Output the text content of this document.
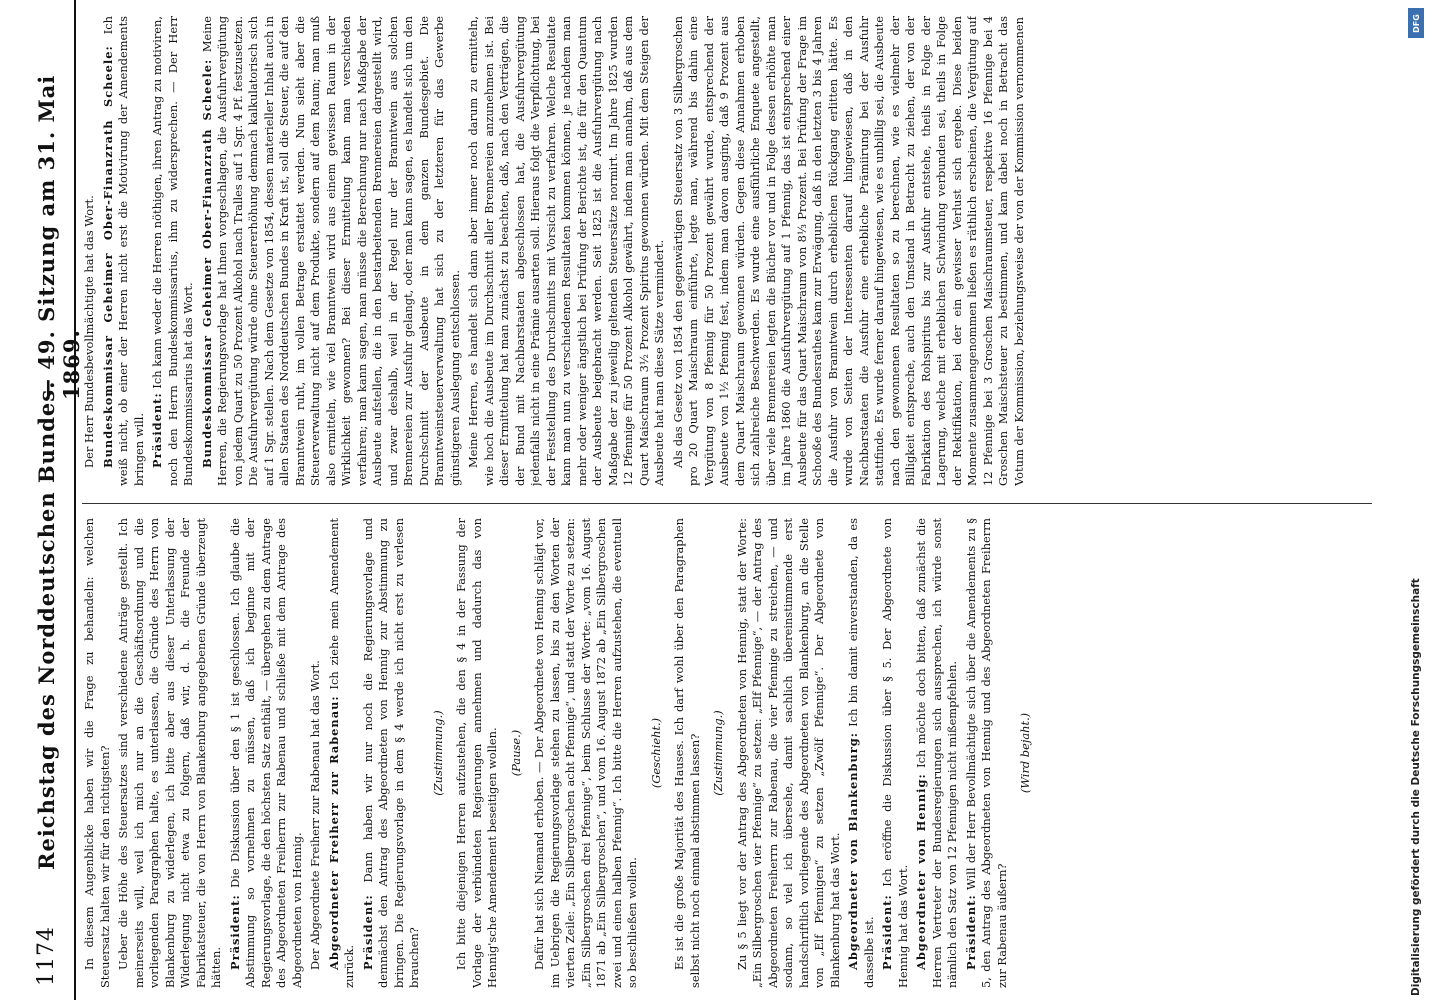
1174
Reichstag des Norddeutschen Bundes.
— 49. Sitzung am 31. Mai 1869.

In diesem Augenblicke haben wir die Frage zu behandeln: welchen Steuersatz halten wir für den richtigsten? Ueber die Höhe des Steuersatzes sind verschiedene Anträge gestellt. Ich meinerseits will, weil ich mich nur an die Geschäftsordnung und die vorliegenden Paragraphen halte, es unterlassen, die Gründe des Herrn von Blankenburg zu widerlegen, ich bitte aber aus dieser Unterlassung der Widerlegung nicht etwa zu folgern, daß wir, d. h. die Freunde der Fabrikatsteuer, die von Herrn von Blankenburg angegebenen Gründe überzeugt hätten. Präsident: Die Diskussion über den § 1 ist geschlossen. Ich glaube die Abstimmung so vornehmen zu müssen, daß ich beginne mit der Regierungsvorlage, die den höchsten Satz enthält, — übergehen zu dem Antrage des Abgeordneten Freiherrn zur Rabenau und schließe mit dem Antrage des Abgeordneten von Hennig. Der Abgeordnete Freiherr zur Rabenau hat das Wort. Abgeordneter Freiherr zur Rabenau: Ich ziehe mein Amendement zurück. Präsident: Dann haben wir nur noch die Regierungsvorlage und demnächst den Antrag des Abgeordneten von Hennig zur Abstimmung zu bringen. Die Regierungsvorlage in dem § 4 werde ich nicht erst zu verlesen brauchen?

(Zustimmung.) Ich bitte diejenigen Herren aufzustehen, die den § 4 in der Fassung der Vorlage der verbündeten Regierungen annehmen und dadurch das von Hennig'sche Amendement beseitigen wollen. (Pause.) Dafür hat sich Niemand erhoben. — Der Abgeordnete von Hennig schlägt vor, im Uebrigen die Regierungsvorlage stehen zu lassen, bis zu den Worten der vierten Zeile: „Ein Silbergroschen acht Pfennige“, und statt der Worte zu setzen: „Ein Silbergroschen drei Pfennige“, beim Schlusse der Worte: „vom 16. August 1871 ab „Ein Silbergroschen“, und vom 16. August 1872 ab „Ein Silbergroschen zwei und einen halben Pfennig“. Ich bitte die Herren aufzustehen, die eventuell so beschließen wollen.

(Geschieht.) Es ist die große Majorität des Hauses. Ich darf wohl über den Paragraphen selbst nicht noch einmal abstimmen lassen? (Zustimmung.) Zu § 5 liegt vor der Antrag des Abgeordneten von Hennig, statt der Worte: „Ein Silbergroschen vier Pfennige“ zu setzen: „Elf Pfennige“, — der Antrag des Abgeordneten Freiherrn zur Rabenau, die vier Pfennige zu streichen, — und sodann, so viel ich übersehe, damit sachlich übereinstimmende erst handschriftlich vorliegende des Abgeordneten von Blankenburg, an die Stelle von „Elf Pfennigen“ zu setzen „Zwölf Pfennige“. Der Abgeordnete von Blankenburg hat das Wort. Abgeordneter von Blankenburg: Ich bin damit einverstanden, da es dasselbe ist. Präsident: Ich eröffne die Diskussion über § 5. Der Abgeordnete von Hennig hat das Wort. Abgeordneter von Hennig: Ich möchte doch bitten, daß zunächst die Herren Vertreter der Bundesregierungen sich aussprechen, ich würde sonst nämlich den Satz von 12 Pfennigen nicht mißempfehlen. Präsident: Will der Herr Bevollmächtigte sich über die Amendements zu § 5, den Antrag des Abgeordneten von Hennig und des Abgeordneten Freiherrn zur Rabenau äußern?

(Wird bejaht.)

Der Herr Bundesbevollmächtigte hat das Wort. Bundeskommissar Geheimer Ober-Finanzrath Scheele: Ich weiß nicht, ob einer der Herren nicht erst die Motivirung der Amendements bringen will. Präsident: Ich kann weder die Herren nöthigen, ihren Antrag zu motiviren, noch den Herrn Bundeskommissarius, ihm zu widersprechen. — Der Herr Bundeskommissarius hat das Wort. Bundeskommissar Geheimer Ober-Finanzrath Scheele: Meine Herren, die Regierungsvorlage hat Ihnen vorgeschlagen, die Ausfuhrvergütung von jedem Quart zu 50 Prozent Alkohol nach Tralles auf 1 Sgr. 4 Pf. festzusetzen. Die Ausfuhrvergütung würde ohne Steuererhöhung demnach kalkulatorisch sich auf 1 Sgr. stellen. Nach dem Gesetze von 1854, dessen materieller Inhalt auch in allen Staaten des Norddeutschen Bundes in Kraft ist, soll die Steuer, die auf den Branntwein ruht, im vollen Betrage erstattet werden. Nun sieht aber die Steuerverwaltung nicht auf dem Produkte, sondern auf dem Raum; man muß also ermitteln, wie viel Branntwein wird aus einem gewissen Raum in der Wirklichkeit gewonnen? Bei dieser Ermittelung kann man verschieden verfahren; man kann sagen, man müsse die Berechnung nur nach Maßgabe der Ausbeute aufstellen, die in den bestarbeitenden Brennereien dargestellt wird, und zwar deshalb, weil in der Regel nur der Branntwein aus solchen Brennereien zur Ausfuhr gelangt, oder man kann sagen, es handelt sich um den Durchschnitt der Ausbeute in dem ganzen Bundesgebiet. Die Branntweinsteuerverwaltung hat sich zu der letzteren für das Gewerbe günstigeren Auslegung entschlossen. Meine Herren, es handelt sich dann aber immer noch darum zu ermitteln, wie hoch die Ausbeute im Durchschnitt aller Brennereien anzunehmen ist. Bei dieser Ermittelung hat man zunächst zu beachten, daß, nach den Verträgen, die der Bund mit Nachbarstaaten abgeschlossen hat, die Ausfuhrvergütung jedenfalls nicht in eine Prämie ausarten soll. Hieraus folgt die Verpflichtung, bei der Feststellung des Durchschnitts mit Vorsicht zu verfahren. Welche Resultate kann man nun zu verschiedenen Resultaten kommen können, je nachdem man mehr oder weniger ängstlich bei Prüfung der Berichte ist, die für den Quantum der Ausbeute beigebracht werden. Seit 1825 ist die Ausfuhrvergütung nach Maßgabe der zu jeweilig geltenden Steuersätze normirt. Im Jahre 1825 wurden 12 Pfennige für 50 Prozent Alkohol gewährt, indem man annahm, daß aus dem Quart Maischraum 3½ Prozent Spiritus gewonnen würden. Mit dem Steigen der Ausbeute hat man diese Sätze vermindert. Als das Gesetz von 1854 den gegenwärtigen Steuersatz von 3 Silbergroschen pro 20 Quart Maischraum einführte, legte man, während bis dahin eine Vergütung von 8 Pfennig für 50 Prozent gewährt wurde, entsprechend der Ausbeute von 1½ Pfennig fest, indem man davon ausging, daß 9 Prozent aus dem Quart Maischraum gewonnen würden. Gegen diese Annahmen erhoben sich zahlreiche Beschwerden. Es wurde eine ausführliche Enquete angestellt, über viele Brennereien legten die Bücher vor und in Folge dessen erhöhte man im Jahre 1860 die Ausfuhrvergütung auf 1 Pfennig, das ist entsprechend einer Ausbeute für das Quart Maischraum von 8⅓ Prozent. Bei Prüfung der Frage im Schooße des Bundesrathes kam zur Erwägung, daß in den letzten 3 bis 4 Jahren die Ausfuhr von Branntwein durch erheblichen Rückgang erlitten hätte. Es wurde von Seiten der Interessenten darauf hingewiesen, daß in den Nachbarstaaten die Ausfuhr eine erhebliche Prämiirung bei der Ausfuhr stattfinde. Es wurde ferner darauf hingewiesen, wie es unbillig sei, die Ausbeute nach den gewonnenen Resultaten so zu berechnen, wie es vielmehr der Billigkeit entspreche, auch den Umstand in Betracht zu ziehen, der von der Fabrikation des Rohspiritus bis zur Ausfuhr entstehe, theils in Folge der Lagerung, welche mit erheblichen Schwindung verbunden sei, theils in Folge der Rektifikation, bei der ein gewisser Verlust sich ergebe. Diese beiden Momente zusammengenommen ließen es räthlich erscheinen, die Vergütung auf 12 Pfennige bei 3 Groschen Maischraumsteuer, respektive 16 Pfennige bei 4 Groschen Maischsteuer zu bestimmen, und kam dabei noch in Betracht das Votum der Kommission, beziehungsweise der von der Kommission vernommenen	DFG
Digitalisierung gefördert durch die Deutsche Forschungsgemeinschaft
